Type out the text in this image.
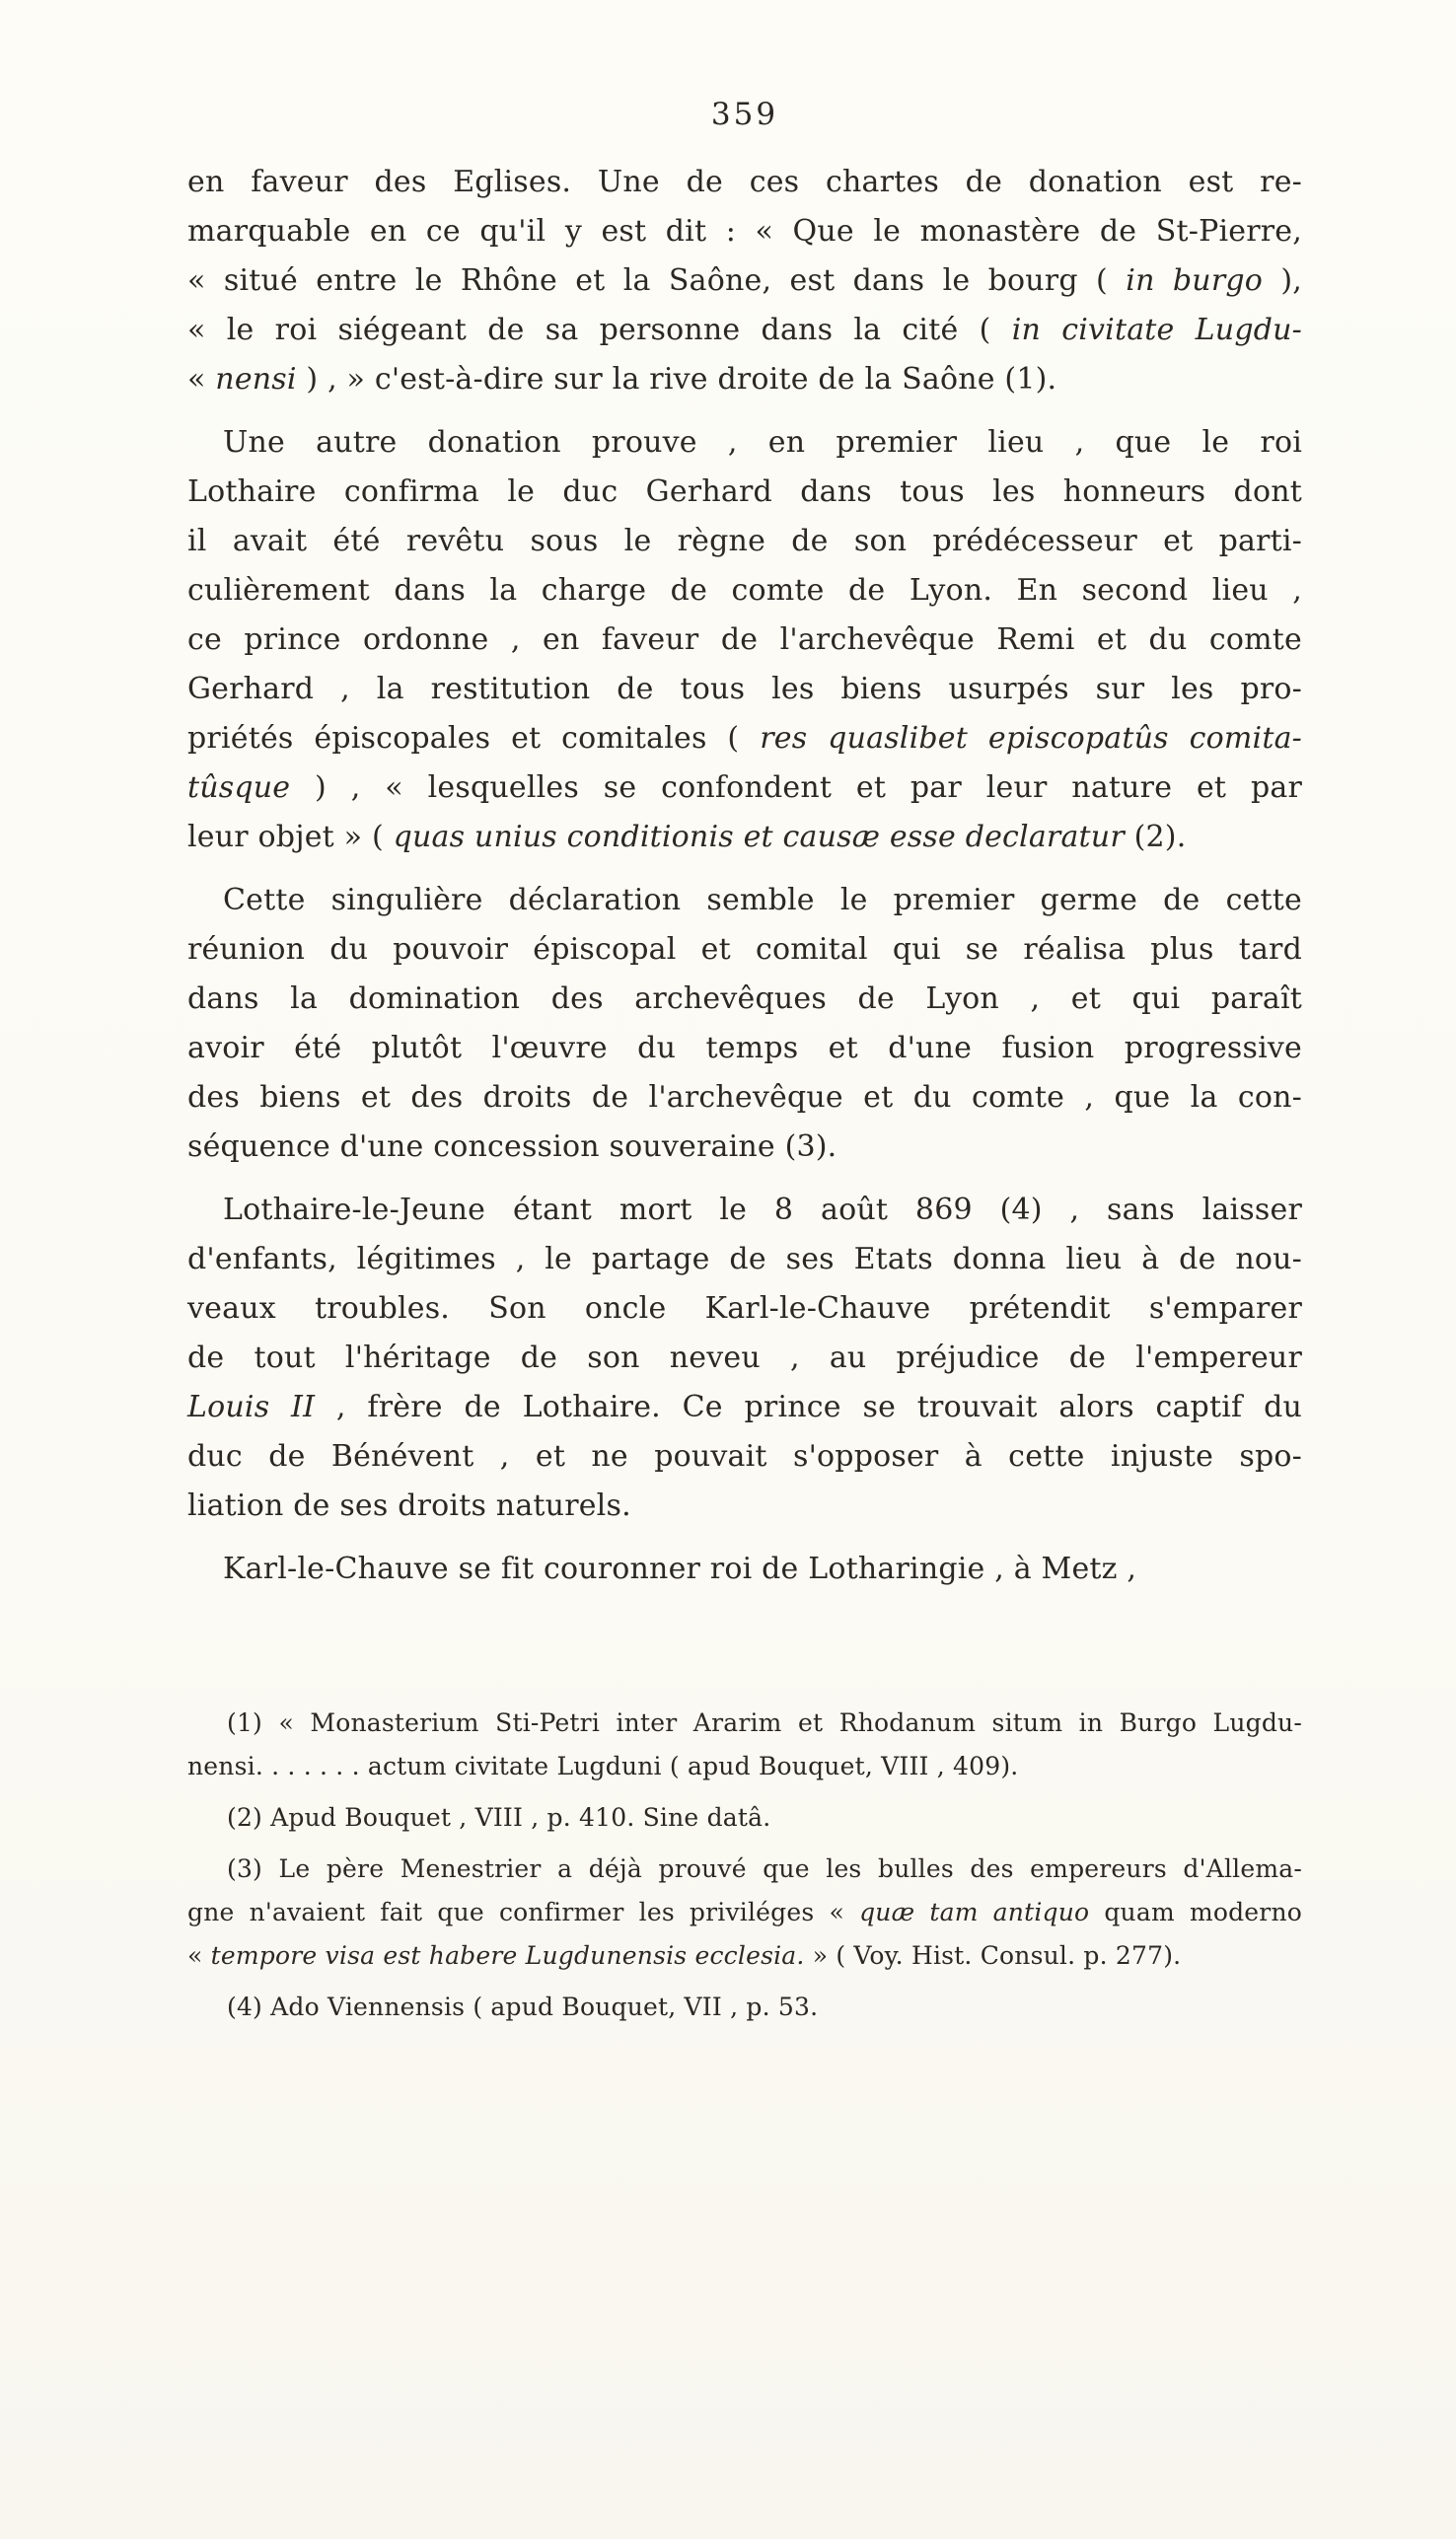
359
en faveur des Eglises. Une de ces chartes de donation est re-
marquable en ce qu'il y est dit : « Que le monastère de St-Pierre,
« situé entre le Rhône et la Saône, est dans le bourg ( in burgo ),
« le roi siégeant de sa personne dans la cité ( in civitate Lugdu-
« nensi ) , » c'est-à-dire sur la rive droite de la Saône (1).
Une autre donation prouve , en premier lieu , que le roi
Lothaire confirma le duc Gerhard dans tous les honneurs dont
il avait été revêtu sous le règne de son prédécesseur et parti-
culièrement dans la charge de comte de Lyon. En second lieu ,
ce prince ordonne , en faveur de l'archevêque Remi et du comte
Gerhard , la restitution de tous les biens usurpés sur les pro-
priétés épiscopales et comitales ( res quaslibet episcopatûs comita-
tûsque ) , « lesquelles se confondent et par leur nature et par
leur objet » ( quas unius conditionis et causæ esse declaratur (2).
Cette singulière déclaration semble le premier germe de cette
réunion du pouvoir épiscopal et comital qui se réalisa plus tard
dans la domination des archevêques de Lyon , et qui paraît
avoir été plutôt l'œuvre du temps et d'une fusion progressive
des biens et des droits de l'archevêque et du comte , que la con-
séquence d'une concession souveraine (3).
Lothaire-le-Jeune étant mort le 8 août 869 (4) , sans laisser
d'enfants, légitimes , le partage de ses Etats donna lieu à de nou-
veaux troubles. Son oncle Karl-le-Chauve prétendit s'emparer
de tout l'héritage de son neveu , au préjudice de l'empereur
Louis II , frère de Lothaire. Ce prince se trouvait alors captif du
duc de Bénévent , et ne pouvait s'opposer à cette injuste spo-
liation de ses droits naturels.
Karl-le-Chauve se fit couronner roi de Lotharingie , à Metz ,
(1) « Monasterium Sti-Petri inter Ararim et Rhodanum situm in Burgo Lugdu-
nensi. . . . . . . actum civitate Lugduni ( apud Bouquet, VIII , 409).
(2) Apud Bouquet , VIII , p. 410. Sine datâ.
(3) Le père Menestrier a déjà prouvé que les bulles des empereurs d'Allema-
gne n'avaient fait que confirmer les priviléges « quæ tam antiquo quam moderno
« tempore visa est habere Lugdunensis ecclesia. » ( Voy. Hist. Consul. p. 277).
(4) Ado Viennensis ( apud Bouquet, VII , p. 53.
